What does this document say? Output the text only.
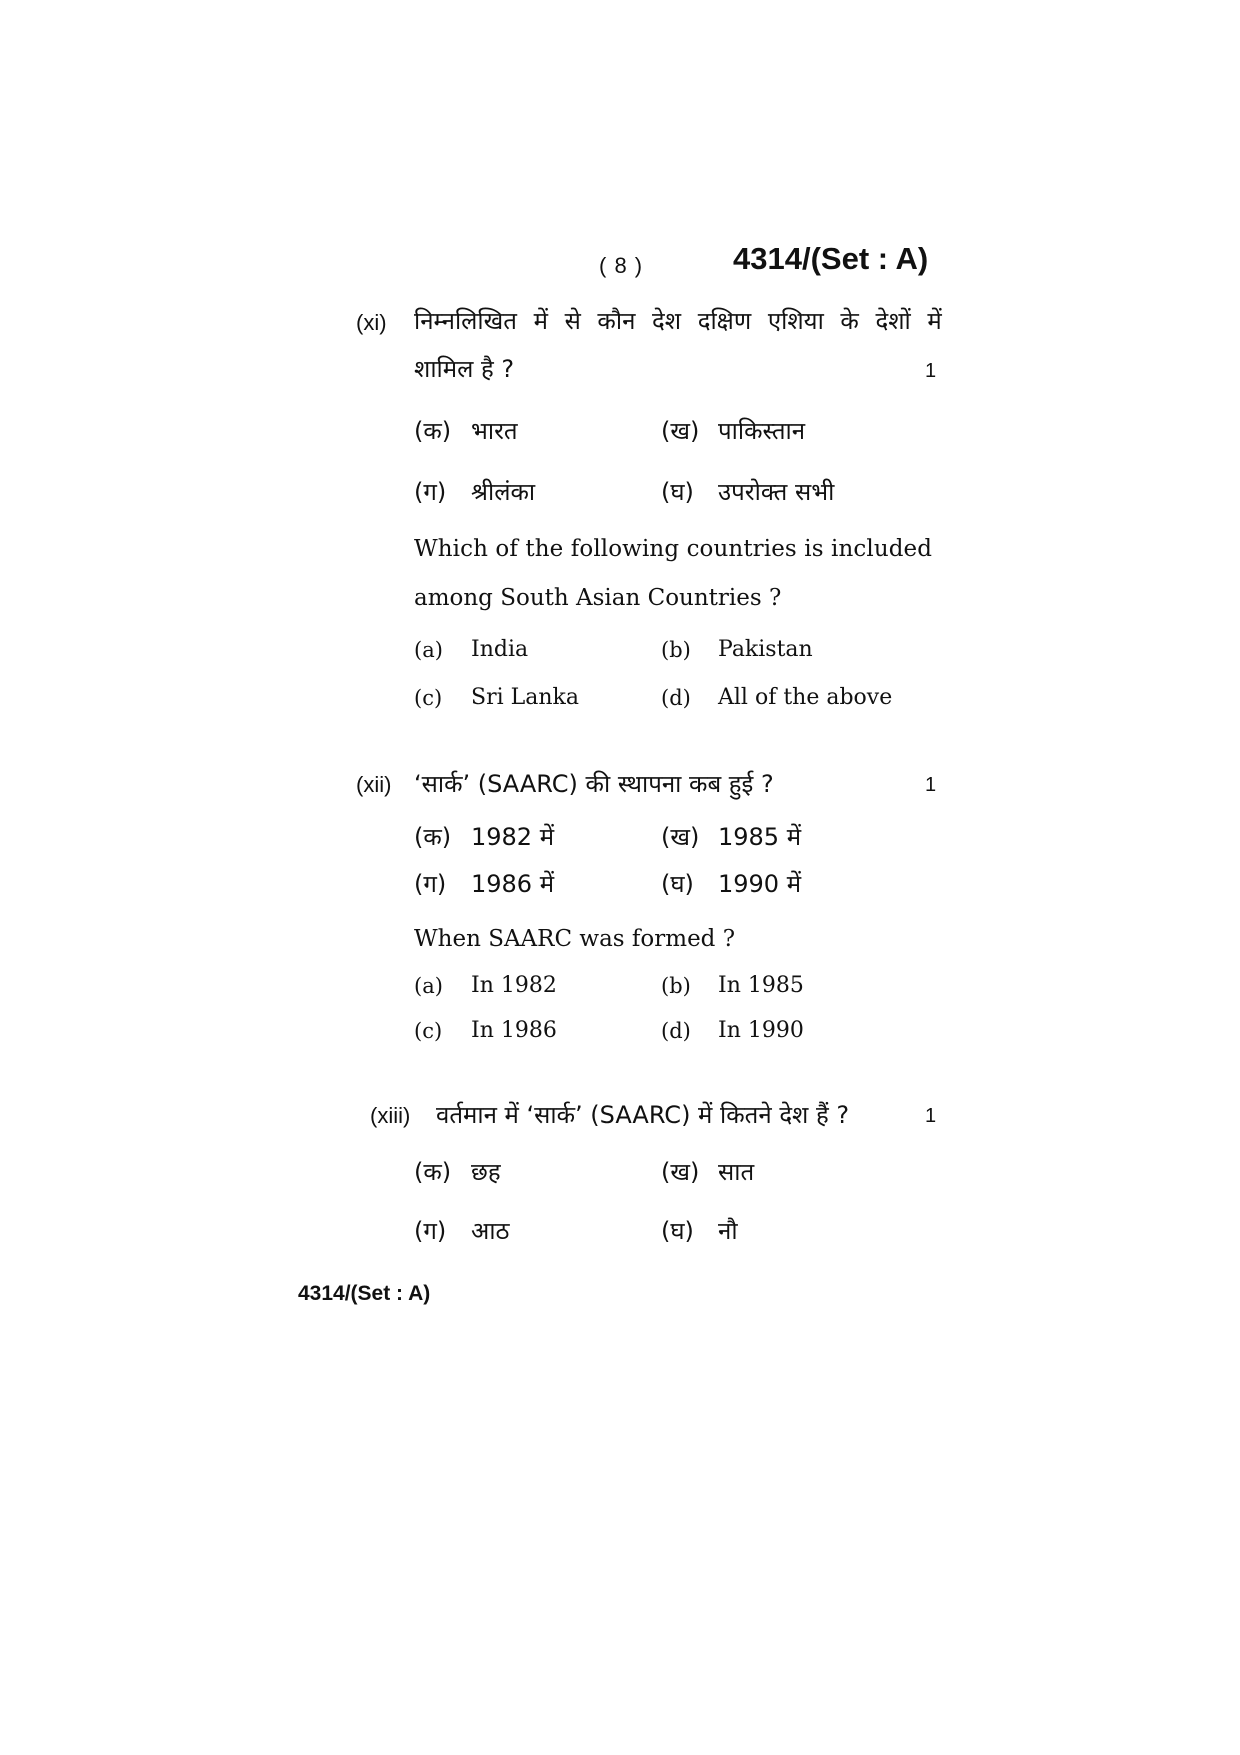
( 8 )	4314/(Set : A)
(xi) निम्नलिखित में से कौन देश दक्षिण एशिया के देशों में
शामिल है ?	1
(क) भारत	(ख) पाकिस्तान
(ग) श्रीलंका	(घ) उपरोक्त सभी
Which of the following countries is included
among South Asian Countries ?
(a) India	(b) Pakistan
(c) Sri Lanka	(d) All of the above
(xii) ‘सार्क’ (SAARC) की स्थापना कब हुई ?	1
(क) 1982 में	(ख) 1985 में
(ग) 1986 में	(घ) 1990 में
When SAARC was formed ?
(a) In 1982	(b) In 1985
(c) In 1986	(d) In 1990
(xiii) वर्तमान में ‘सार्क’ (SAARC) में कितने देश हैं ?	1
(क) छह	(ख) सात
(ग) आठ	(घ) नौ
4314/(Set : A)
